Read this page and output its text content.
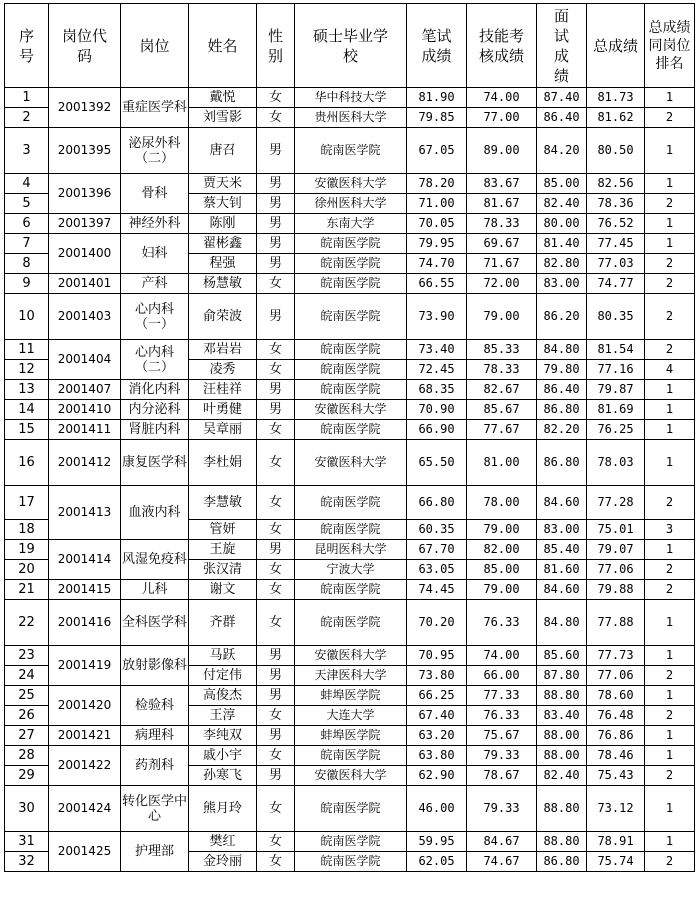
序号	岗位代码	岗位	姓名	性别	硕士毕业学校	笔试成绩	技能考核成绩	面试成绩	总成绩	总成绩同岗位排名
1	2001392	重症医学科	戴悦	女	华中科技大学	81.90	74.00	87.40	81.73	1
2			刘雪影	女	贵州医科大学	79.85	77.00	86.40	81.62	2
3	2001395	泌尿外科（二）	唐召	男	皖南医学院	67.05	89.00	84.20	80.50	1
4	2001396	骨科	贾天米	男	安徽医科大学	78.20	83.67	85.00	82.56	1
5			蔡大钊	男	徐州医科大学	71.00	81.67	82.40	78.36	2
6	2001397	神经外科	陈刚	男	东南大学	70.05	78.33	80.00	76.52	1
7	2001400	妇科	翟彬鑫	男	皖南医学院	79.95	69.67	81.40	77.45	1
8			程强	男	皖南医学院	74.70	71.67	82.80	77.03	2
9	2001401	产科	杨慧敏	女	皖南医学院	66.55	72.00	83.00	74.77	2
10	2001403	心内科（一）	俞荣波	男	皖南医学院	73.90	79.00	86.20	80.35	2
11	2001404	心内科（二）	邓岩岩	女	皖南医学院	73.40	85.33	84.80	81.54	2
12			凌秀	女	皖南医学院	72.45	78.33	79.80	77.16	4
13	2001407	消化内科	汪桂祥	男	皖南医学院	68.35	82.67	86.40	79.87	1
14	2001410	内分泌科	叶勇健	男	安徽医科大学	70.90	85.67	86.80	81.69	1
15	2001411	肾脏内科	吴章丽	女	皖南医学院	66.90	77.67	82.20	76.25	1
16	2001412	康复医学科	李杜娟	女	安徽医科大学	65.50	81.00	86.80	78.03	1
17	2001413	血液内科	李慧敏	女	皖南医学院	66.80	78.00	84.60	77.28	2
18			管妍	女	皖南医学院	60.35	79.00	83.00	75.01	3
19	2001414	风湿免疫科	王旋	男	昆明医科大学	67.70	82.00	85.40	79.07	1
20			张汉清	女	宁波大学	63.05	85.00	81.60	77.06	2
21	2001415	儿科	谢文	女	皖南医学院	74.45	79.00	84.60	79.88	2
22	2001416	全科医学科	齐群	女	皖南医学院	70.20	76.33	84.80	77.88	1
23	2001419	放射影像科	马跃	男	安徽医科大学	70.95	74.00	85.60	77.73	1
24			付定伟	男	天津医科大学	73.80	66.00	87.80	77.06	2
25	2001420	检验科	高俊杰	男	蚌埠医学院	66.25	77.33	88.80	78.60	1
26			王淳	女	大连大学	67.40	76.33	83.40	76.48	2
27	2001421	病理科	李纯双	男	蚌埠医学院	63.20	75.67	88.00	76.86	1
28	2001422	药剂科	戚小宇	女	皖南医学院	63.80	79.33	88.00	78.46	1
29			孙寒飞	男	安徽医科大学	62.90	78.67	82.40	75.43	2
30	2001424	转化医学中心	熊月玲	女	皖南医学院	46.00	79.33	88.80	73.12	1
31	2001425	护理部	樊红	女	皖南医学院	59.95	84.67	88.80	78.91	1
32			金玲丽	女	皖南医学院	62.05	74.67	86.80	75.74	2
